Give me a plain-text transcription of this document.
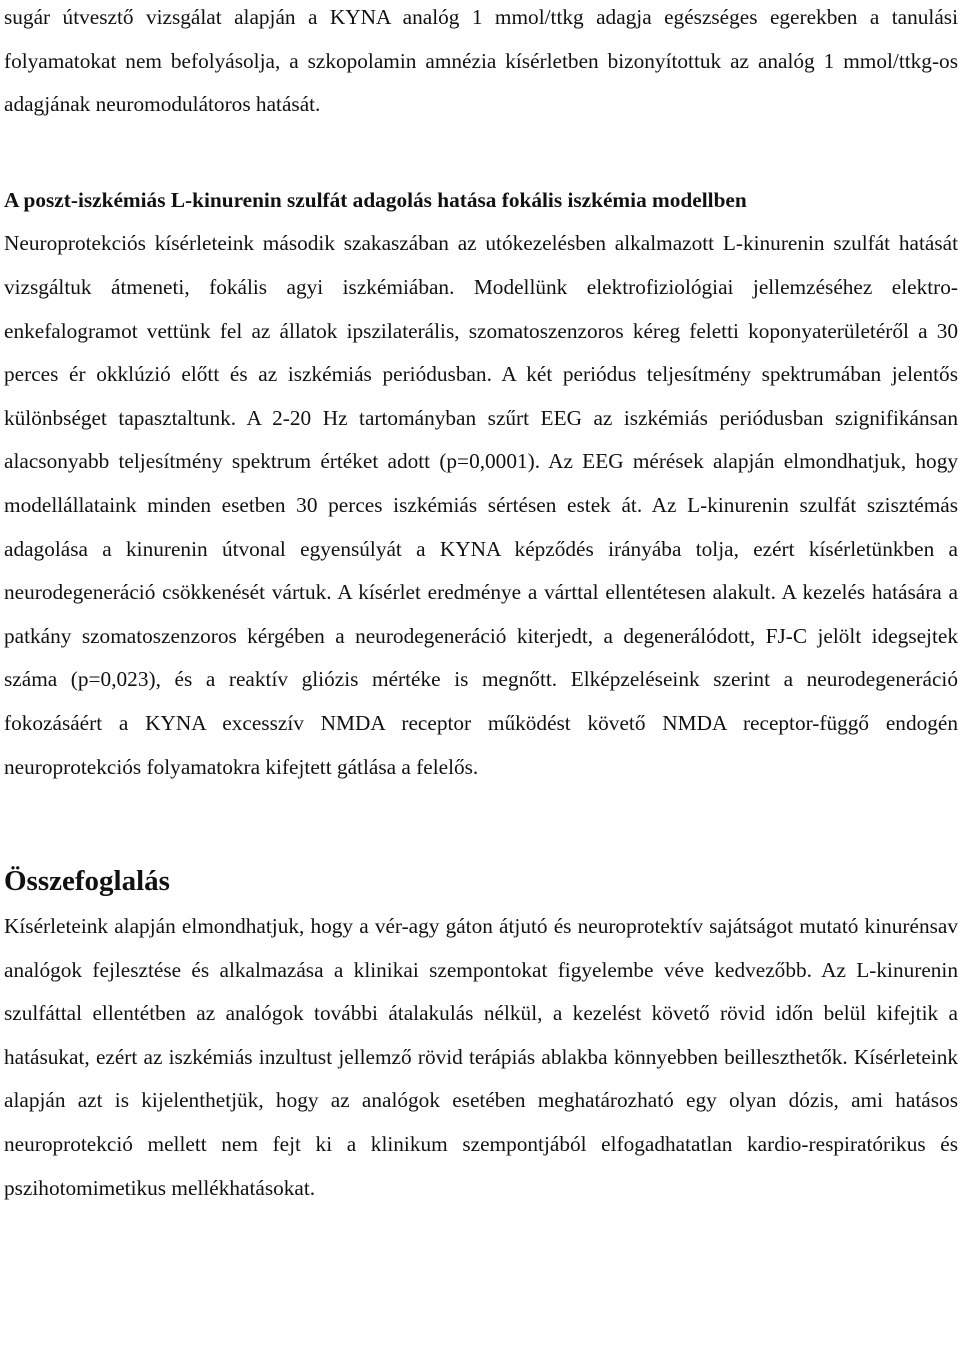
sugár útvesztő vizsgálat alapján a KYNA analóg 1 mmol/ttkg adagja egészséges egerekben a tanulási folyamatokat nem befolyásolja, a szkopolamin amnézia kísérletben bizonyítottuk az analóg 1 mmol/ttkg-os adagjának neuromodulátoros hatását.

A poszt-iszkémiás L-kinurenin szulfát adagolás hatása fokális iszkémia modellben

Neuroprotekciós kísérleteink második szakaszában az utókezelésben alkalmazott L-kinurenin szulfát hatását vizsgáltuk átmeneti, fokális agyi iszkémiában. Modellünk elektrofiziológiai jellemzéséhez elektro-enkefalogramot vettünk fel az állatok ipszilaterális, szomatoszenzoros kéreg feletti koponyaterületéről a 30 perces ér okklúzió előtt és az iszkémiás periódusban. A két periódus teljesítmény spektrumában jelentős különbséget tapasztaltunk. A 2-20 Hz tartományban szűrt EEG az iszkémiás periódusban szignifikánsan alacsonyabb teljesítmény spektrum értéket adott (p=0,0001). Az EEG mérések alapján elmondhatjuk, hogy modellállataink minden esetben 30 perces iszkémiás sértésen estek át. Az L-kinurenin szulfát szisztémás adagolása a kinurenin útvonal egyensúlyát a KYNA képződés irányába tolja, ezért kísérletünkben a neurodegeneráció csökkenését vártuk. A kísérlet eredménye a várttal ellentétesen alakult. A kezelés hatására a patkány szomatoszenzoros kérgében a neurodegeneráció kiterjedt, a degenerálódott, FJ-C jelölt idegsejtek száma (p=0,023), és a reaktív gliózis mértéke is megnőtt. Elképzeléseink szerint a neurodegeneráció fokozásáért a KYNA excesszív NMDA receptor működést követő NMDA receptor-függő endogén neuroprotekciós folyamatokra kifejtett gátlása a felelős.

Összefoglalás

Kísérleteink alapján elmondhatjuk, hogy a vér-agy gáton átjutó és neuroprotektív sajátságot mutató kinurénsav analógok fejlesztése és alkalmazása a klinikai szempontokat figyelembe véve kedvezőbb. Az L-kinurenin szulfáttal ellentétben az analógok további átalakulás nélkül, a kezelést követő rövid időn belül kifejtik a hatásukat, ezért az iszkémiás inzultust jellemző rövid terápiás ablakba könnyebben beilleszthetők. Kísérleteink alapján azt is kijelenthetjük, hogy az analógok esetében meghatározható egy olyan dózis, ami hatásos neuroprotekció mellett nem fejt ki a klinikum szempontjából elfogadhatatlan kardio-respiratórikus és pszihotomimetikus mellékhatásokat.
